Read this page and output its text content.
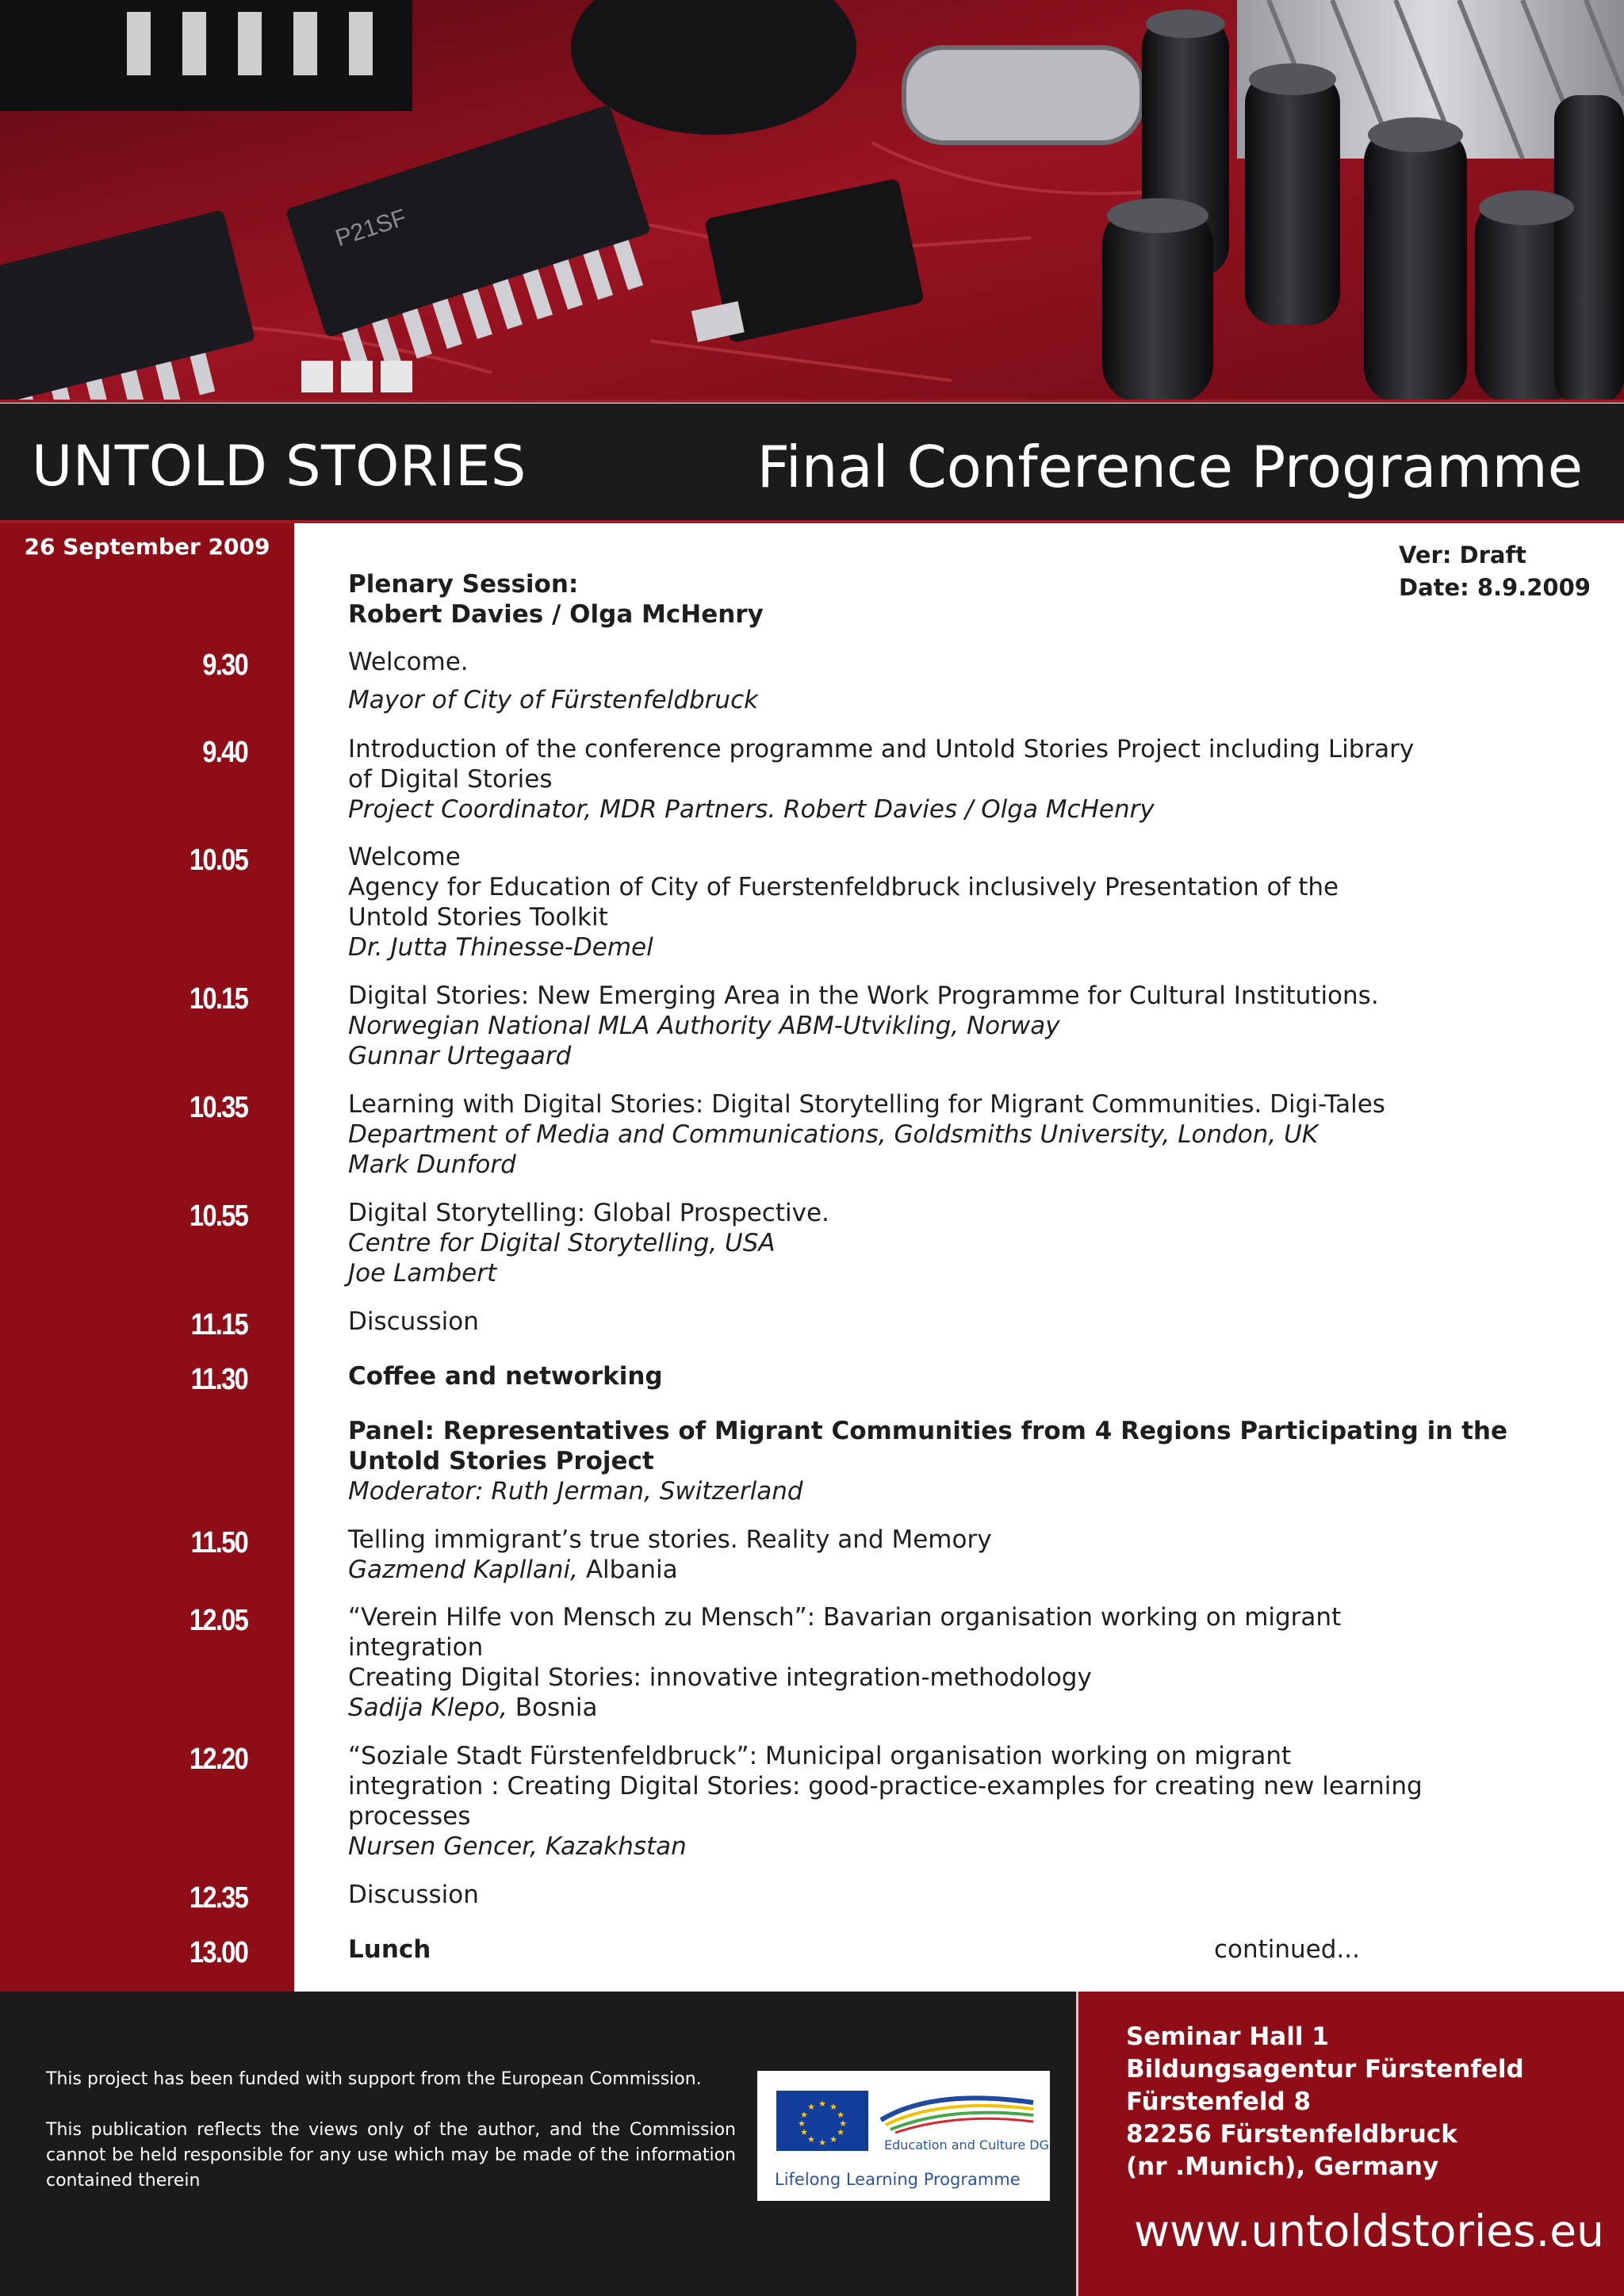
P21SF
UNTOLD STORIES	Final Conference Programme
26 September 2009	Ver: Draft
Date: 8.9.2009
Plenary Session:
Robert Davies / Olga McHenry
9.30	Welcome.
Mayor of City of Fürstenfeldbruck
9.40	Introduction of the conference programme and Untold Stories Project including Library
of Digital Stories
Project Coordinator, MDR Partners. Robert Davies / Olga McHenry
10.05	Welcome
Agency for Education of City of Fuerstenfeldbruck inclusively Presentation of the
Untold Stories Toolkit
Dr. Jutta Thinesse-Demel
10.15	Digital Stories: New Emerging Area in the Work Programme for Cultural Institutions.
Norwegian National MLA Authority ABM-Utvikling, Norway
Gunnar Urtegaard
10.35	Learning with Digital Stories: Digital Storytelling for Migrant Communities. Digi-Tales
Department of Media and Communications, Goldsmiths University, London, UK
Mark Dunford
10.55	Digital Storytelling: Global Prospective.
Centre for Digital Storytelling, USA
Joe Lambert
11.15	Discussion
11.30	Coffee and networking
Panel: Representatives of Migrant Communities from 4 Regions Participating in the
Untold Stories Project
Moderator: Ruth Jerman, Switzerland
11.50	Telling immigrant’s true stories. Reality and Memory
Gazmend Kapllani, Albania
12.05	“Verein Hilfe von Mensch zu Mensch”: Bavarian organisation working on migrant
integration
Creating Digital Stories: innovative integration-methodology
Sadija Klepo, Bosnia
12.20	“Soziale Stadt Fürstenfeldbruck”: Municipal organisation working on migrant
integration : Creating Digital Stories: good-practice-examples for creating new learning
processes
Nursen Gencer, Kazakhstan
12.35	Discussion
13.00	Lunch	continued...

This project has been funded with support from the European Commission.

This publication reflects the views only of the author, and the Commission cannot be held responsible for any use which may be made of the information contained therein

★ ★
★
★
★
★
★
★
★
★
★
★
Education and Culture DG
Lifelong Learning Programme
Seminar Hall 1
Bildungsagentur Fürstenfeld
Fürstenfeld 8
82256 Fürstenfeldbruck
(nr .Munich), Germany
www.untoldstories.eu
